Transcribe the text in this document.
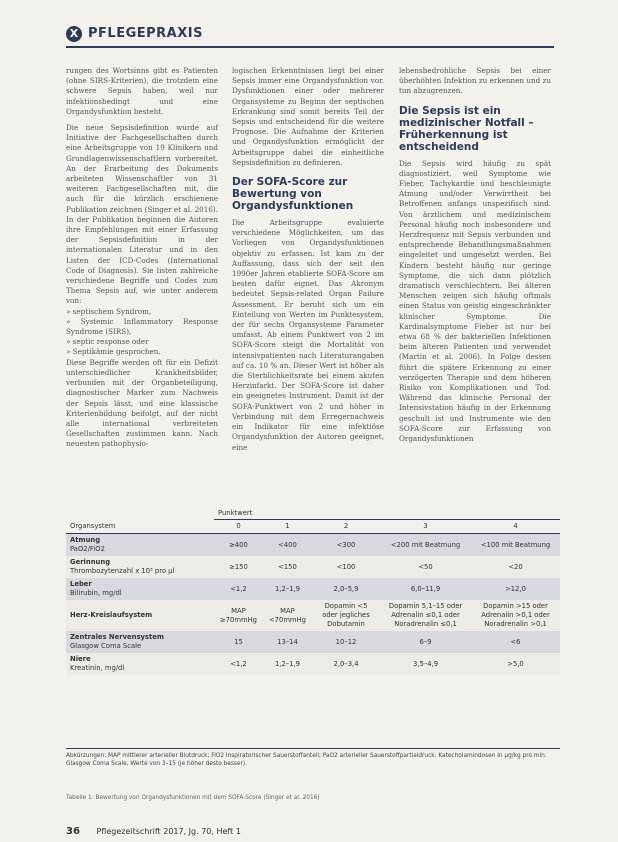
X PFLEGEPRAXIS

rungen des Wortsinns gibt es Patienten (ohne SIRS-Kriterien), die trotzdem eine schwere Sepsis haben, weil nur infektionsbedingt und eine Organdysfunktion besteht.

Die neue Sepsisdefinition wurde auf Initiative der Fachgesellschaften durch eine Arbeitsgruppe von 19 Klinikern und Grundlagenwissenschaftlern vorbereitet. An der Erarbeitung des Dokuments arbeiteten Wissenschaftler von 31 weiteren Fachgesellschaften mit, die auch für die kürzlich erschienene Publikation zeichnen (Singer et al. 2016). In der Publikation beginnen die Autoren ihre Empfehlungen mit einer Erfassung der Sepsisdefinition in der internationalen Literatur und in den Listen der ICD-Codes (International Code of Diagnosis). Sie listen zahlreiche verschiedene Begriffe und Codes zum Thema Sepsis auf, wie unter anderem von:

» septischem Syndrom,
» Systemic Inflammatory Response Syndrome (SIRS),
» septic response oder
» Septikämie gesprochen.

Diese Begriffe werden oft für ein Defizit unterschiedlicher Krankheitsbilder, verbunden mit der Organbeteiligung, diagnostischer Marker zum Nachweis der Sepsis lässt, und eine klassische Kriterienbildung beifolgt, auf der nicht alle international verbreiteten Gesellschaften zustimmen kann. Nach neuesten pathophysio-

logischen Erkenntnissen liegt bei einer Sepsis immer eine Organdysfunktion vor. Dysfunktionen einer oder mehrerer Organsysteme zu Beginn der septischen Erkrankung sind somit bereits Teil der Sepsis und entscheidend für die weitere Prognose. Die Aufnahme der Kriterien und Organdysfunktion ermöglicht der Arbeitsgruppe dabei die einheitliche Sepsisdefinition zu definieren.

Der SOFA-Score zur Bewertung von Organdysfunktionen

Die Arbeitsgruppe evaluierte verschiedene Möglichkeiten, um das Vorliegen von Organdysfunktionen objektiv zu erfassen. Ist kam zu der Auffassung, dass sich der seit den 1990er Jahren etablierte SOFA-Score am besten dafür eignet. Das Akronym bedeutet Sepsis-related Organ Failure Assessment. Er beruht sich um ein Einteilung von Werten im Punktesystem, der für sechs Organsysteme Parameter umfasst. Ab einem Punktwert von 2 im SOFA-Score steigt die Mortalität von intensivpatienten nach Literaturangaben auf ca. 10 % an. Dieser Wert ist höher als die Sterblichkeitsrate bei einem akuten Herzinfarkt. Der SOFA-Score ist daher ein geeignetes Instrument. Damit ist der SOFA-Punktwert von 2 und höher in Verbindung mit dem Erregernachweis ein Indikator für eine infektiöse Organdysfunktion der Autoren geeignet, eine

lebensbedrohliche Sepsis bei einer überhöhten Infektion zu erkennen und zu tun abzugrenzen.

Die Sepsis ist ein medizinischer Notfall – Früherkennung ist entscheidend

Die Sepsis wird häufig zu spät diagnostiziert, weil Symptome wie Fieber, Tachykardie und beschleunigte Atmung und/oder Verwirrtheit bei Betroffenen anfangs unspezifisch sind. Von ärztlichem und medizinischem Personal häufig noch insbesondere und Herzfrequenz mit Sepsis verbunden und entsprechende Behandlungsmaßnahmen eingeleitet und umgesetzt werden. Bei Kindern besteht häufig nur geringe Symptome, die sich dann plötzlich dramatisch verschlechtern. Bei älteren Menschen zeigen sich häufig oftmals einen Status von geistig eingeschränkter klinischer Symptome. Die Kardinalsymptome Fieber ist nur bei etwa 68 % der bakteriellen Infektionen beim älteren Patienten und verwendet (Martin et al. 2006). In Folge dessen führt die spätere Erkennung zu einer verzögerten Therapie und dem höheren Risiko von Komplikationen und Tod. Während das klinische Personal der Intensivstation häufig in der Erkennung geschult ist und Instrumente wie den SOFA-Score zur Erfassung von Organdysfunktionen

	Punktwert				
Organsystem	0	1	2	3	4
Atmung
PaO2/FiO2	≥400	<400	<300	<200 mit Beatmung	<100 mit Beatmung
Gerinnung
Thrombozytenzahl x 10³ pro µl	≥150	<150	<100	<50	<20
Leber
Bilirubin, mg/dl	<1,2	1,2–1,9	2,0–5,9	6,0–11,9	>12,0
Herz-Kreislaufsystem	MAP ≥70mmHg	MAP <70mmHg	Dopamin <5 oder jegliches Dobutamin	Dopamin 5,1–15 oder Adrenalin ≤0,1 oder Noradrenalin ≤0,1	Dopamin >15 oder Adrenalin >0,1 oder Noradrenalin >0,1
Zentrales Nervensystem
Glasgow Coma Scale	15	13–14	10–12	6–9	<6
Niere
Kreatinin, mg/dl	<1,2	1,2–1,9	2,0–3,4	3,5–4,9	>5,0
Abkürzungen: MAP mittlerer arterieller Blutdruck; FiO2 Inspiratorischer Sauerstoffanteil; PaO2 arterieller Sauerstoffpartialdruck. Katecholamindosen in µg/kg pro min. Glasgow Coma Scale, Werte von 3–15 (je höher desto besser).
Tabelle 1: Bewertung von Organdysfunktionen mit dem SOFA-Score (Singer et al. 2016)
36 Pflegezeitschrift 2017, Jg. 70, Heft 1
